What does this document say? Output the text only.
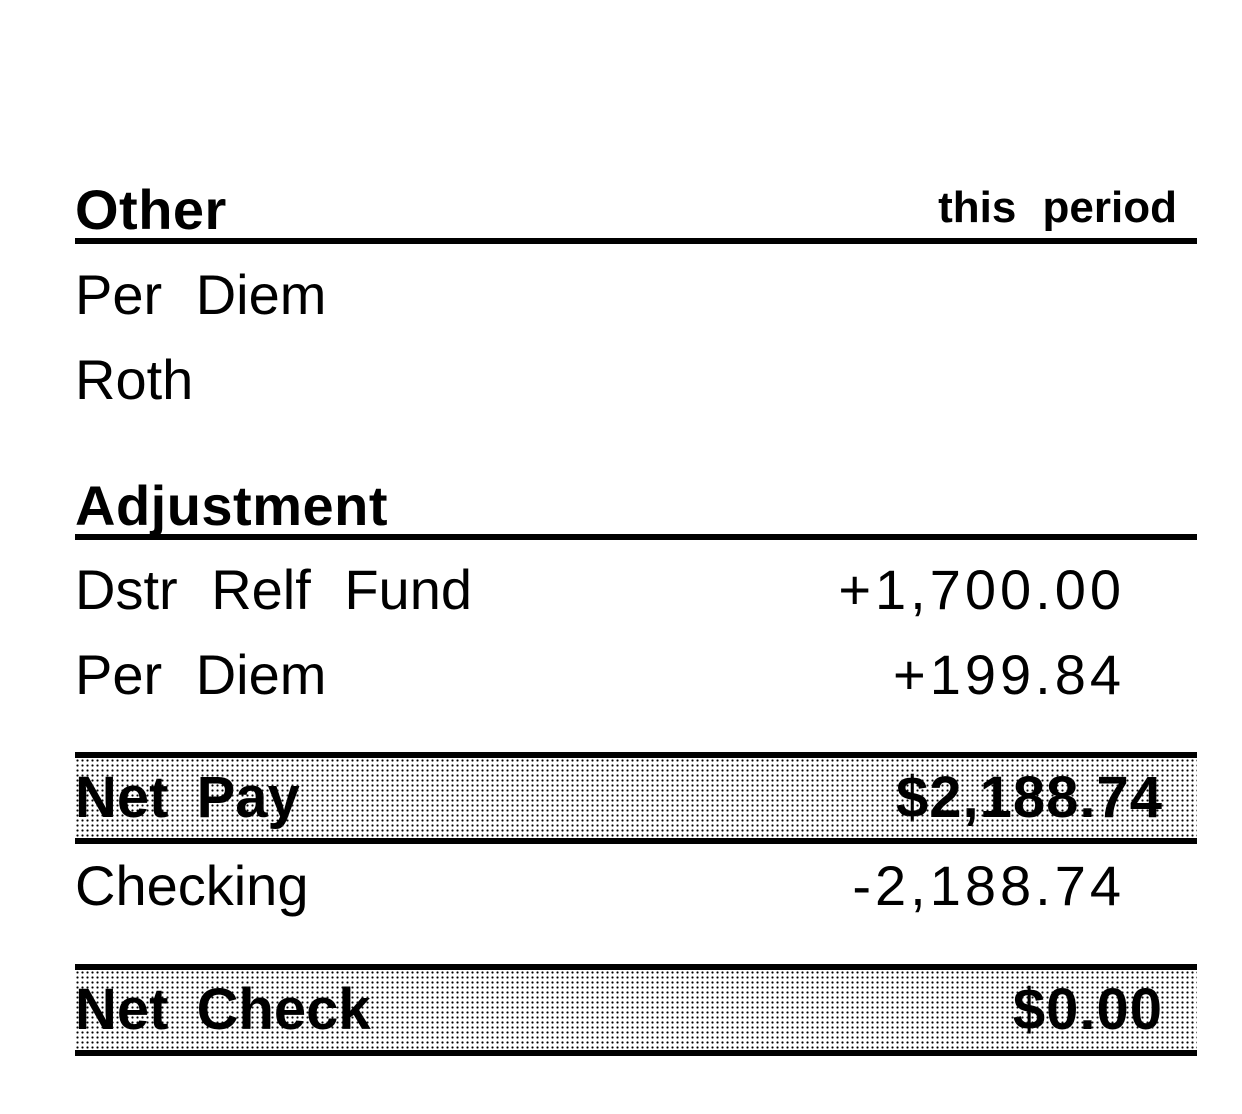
Other	this period
Per Diem
Roth
Adjustment
Dstr Relf Fund	+1,700.00
Per Diem	+199.84
Net Pay	$2,188.74
Checking	-2,188.74
Net Check	$0.00
